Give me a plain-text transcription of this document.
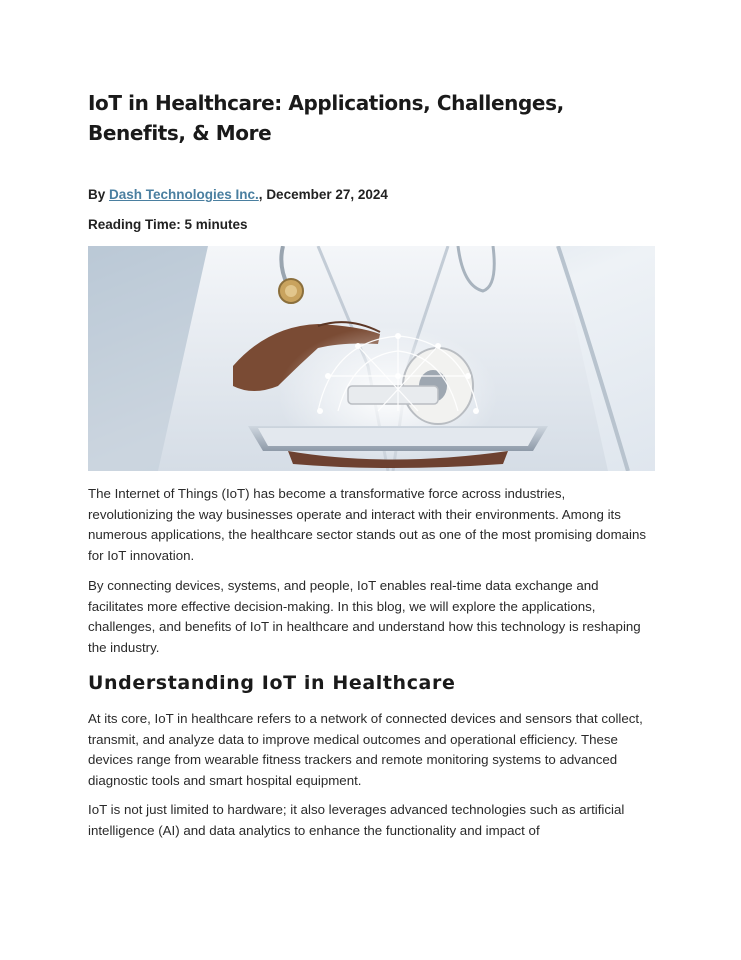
IoT in Healthcare: Applications, Challenges, Benefits, & More
By Dash Technologies Inc., December 27, 2024
Reading Time: 5 minutes

The Internet of Things (IoT) has become a transformative force across industries, revolutionizing the way businesses operate and interact with their environments. Among its numerous applications, the healthcare sector stands out as one of the most promising domains for IoT innovation.

By connecting devices, systems, and people, IoT enables real-time data exchange and facilitates more effective decision-making. In this blog, we will explore the applications, challenges, and benefits of IoT in healthcare and understand how this technology is reshaping the industry.

Understanding IoT in Healthcare

At its core, IoT in healthcare refers to a network of connected devices and sensors that collect, transmit, and analyze data to improve medical outcomes and operational efficiency. These devices range from wearable fitness trackers and remote monitoring systems to advanced diagnostic tools and smart hospital equipment.

IoT is not just limited to hardware; it also leverages advanced technologies such as artificial intelligence (AI) and data analytics to enhance the functionality and impact of
